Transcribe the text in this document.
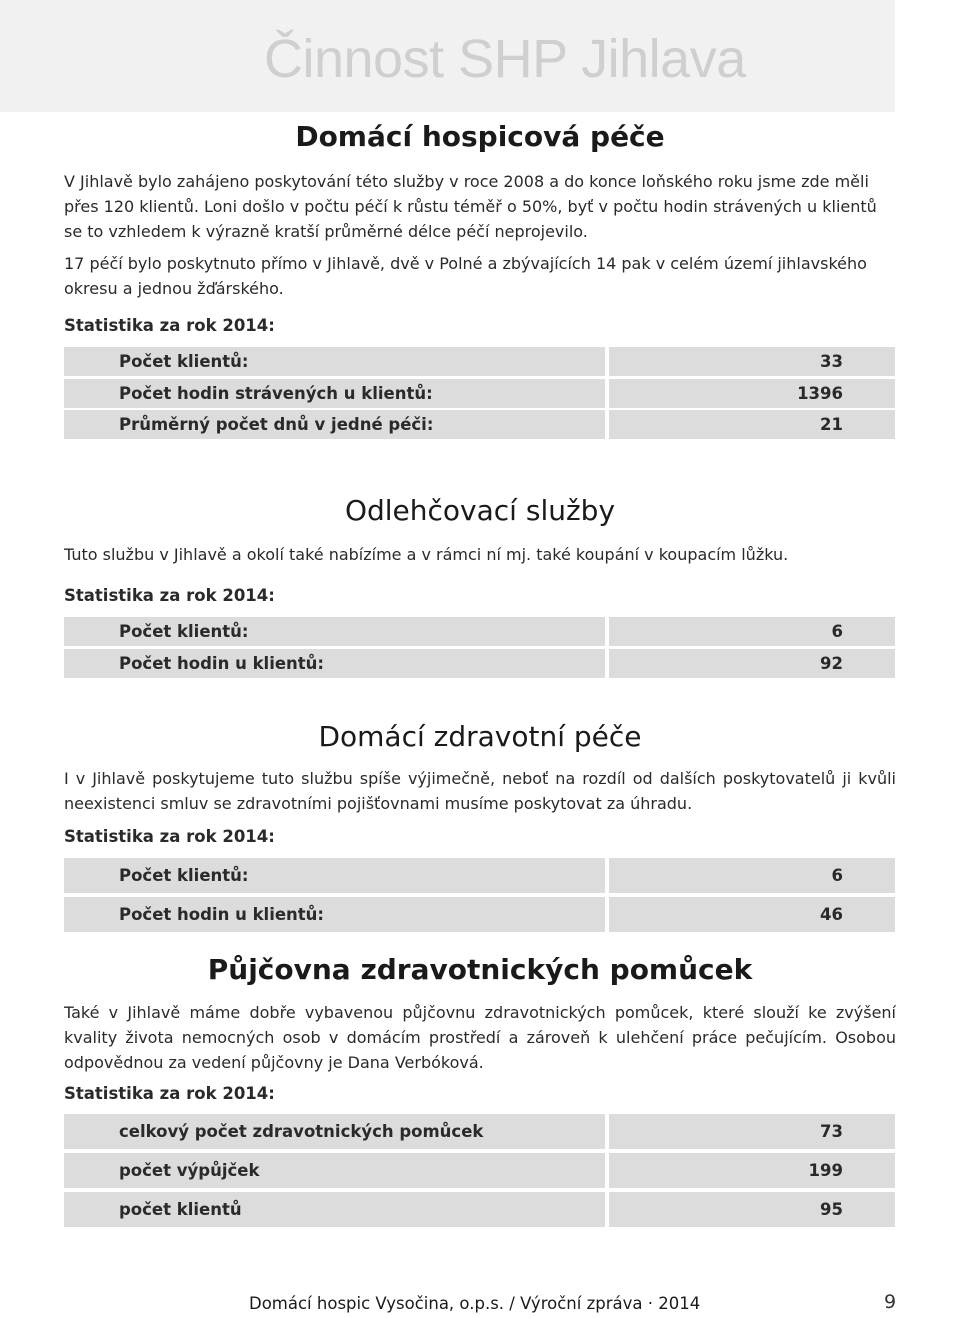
Činnost SHP Jihlava
Domácí hospicová péče

V Jihlavě bylo zahájeno poskytování této služby v roce 2008 a do konce loňského roku jsme zde měli přes 120 klientů. Loni došlo v počtu péčí k růstu téměř o 50%, byť v počtu hodin strávených u klientů se to vzhledem k výrazně kratší průměrné délce péčí neprojevilo.

17 péčí bylo poskytnuto přímo v Jihlavě, dvě v Polné a zbývajících 14 pak v celém území jihlavského okresu a jednou žďárského.

Statistika za rok 2014:
Počet klientů:	33
Počet hodin strávených u klientů:	1396
Průměrný počet dnů v jedné péči:	21
Odlehčovací služby

Tuto službu v Jihlavě a okolí také nabízíme a v rámci ní mj. také koupání v koupacím lůžku.

Statistika za rok 2014:
Počet klientů:	6
Počet hodin u klientů:	92
Domácí zdravotní péče

I v Jihlavě poskytujeme tuto službu spíše výjimečně, neboť na rozdíl od dalších poskytovatelů ji kvůli neexistenci smluv se zdravotními pojišťovnami musíme poskytovat za úhradu.

Statistika za rok 2014:
Počet klientů:	6
Počet hodin u klientů:	46
Půjčovna zdravotnických pomůcek

Také v Jihlavě máme dobře vybavenou půjčovnu zdravotnických pomůcek, které slouží ke zvýšení kvality života nemocných osob v domácím prostředí a zároveň k ulehčení práce pečujícím. Osobou odpovědnou za vedení půjčovny je Dana Verbóková.

Statistika za rok 2014:
celkový počet zdravotnických pomůcek	73
počet výpůjček	199
počet klientů	95
Domácí hospic Vysočina, o.p.s. / Výroční zpráva · 2014	9
